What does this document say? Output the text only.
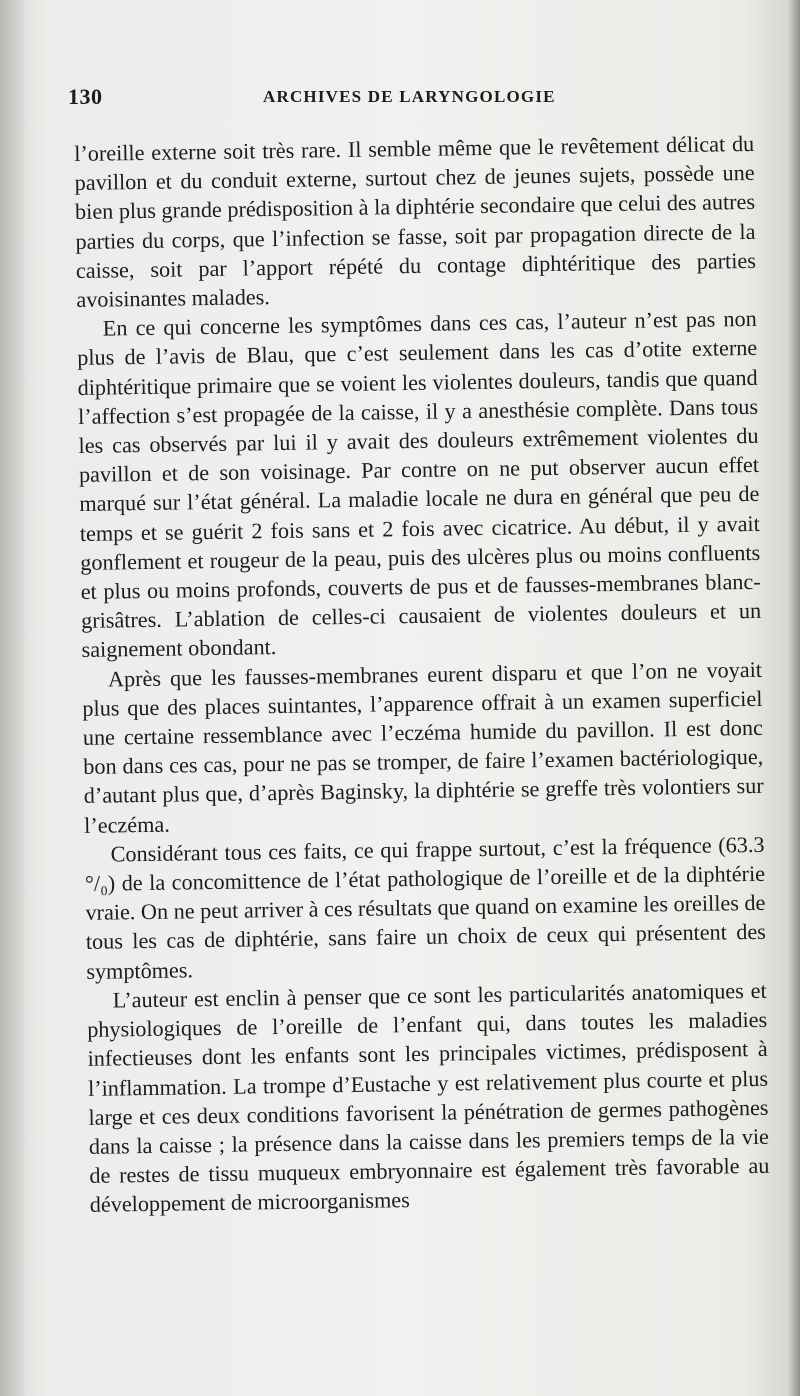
130	ARCHIVES DE LARYNGOLOGIE

l’oreille externe soit très rare. Il semble même que le revêtement délicat du pavillon et du conduit externe, surtout chez de jeunes sujets, possède une bien plus grande prédisposition à la diphtérie secondaire que celui des autres parties du corps, que l’infection se fasse, soit par propagation directe de la caisse, soit par l’apport répété du contage diphtéritique des parties avoisinantes malades.

En ce qui concerne les symptômes dans ces cas, l’auteur n’est pas non plus de l’avis de Blau, que c’est seulement dans les cas d’otite externe diphtéritique primaire que se voient les violentes douleurs, tandis que quand l’affection s’est propagée de la caisse, il y a anesthésie complète. Dans tous les cas observés par lui il y avait des douleurs extrêmement violentes du pavillon et de son voisinage. Par contre on ne put observer aucun effet marqué sur l’état général. La maladie locale ne dura en général que peu de temps et se guérit 2 fois sans et 2 fois avec cicatrice. Au début, il y avait gonflement et rougeur de la peau, puis des ulcères plus ou moins confluents et plus ou moins profonds, couverts de pus et de fausses-membranes blanc-grisâtres. L’ablation de celles-ci causaient de violentes douleurs et un saignement obondant.

Après que les fausses-membranes eurent disparu et que l’on ne voyait plus que des places suintantes, l’apparence offrait à un examen superficiel une certaine ressemblance avec l’eczéma humide du pavillon. Il est donc bon dans ces cas, pour ne pas se tromper, de faire l’examen bactériologique, d’autant plus que, d’après Baginsky, la diphtérie se greffe très volontiers sur l’eczéma.

Considérant tous ces faits, ce qui frappe surtout, c’est la fréquence (63.3 °/₀) de la concomittence de l’état pathologique de l’oreille et de la diphtérie vraie. On ne peut arriver à ces résultats que quand on examine les oreilles de tous les cas de diphtérie, sans faire un choix de ceux qui présentent des symptômes.

L’auteur est enclin à penser que ce sont les particularités anatomiques et physiologiques de l’oreille de l’enfant qui, dans toutes les maladies infectieuses dont les enfants sont les principales victimes, prédisposent à l’inflammation. La trompe d’Eustache y est relativement plus courte et plus large et ces deux conditions favorisent la pénétration de germes pathogènes dans la caisse ; la présence dans la caisse dans les premiers temps de la vie de restes de tissu muqueux embryonnaire est également très favorable au développement de microorganismes
